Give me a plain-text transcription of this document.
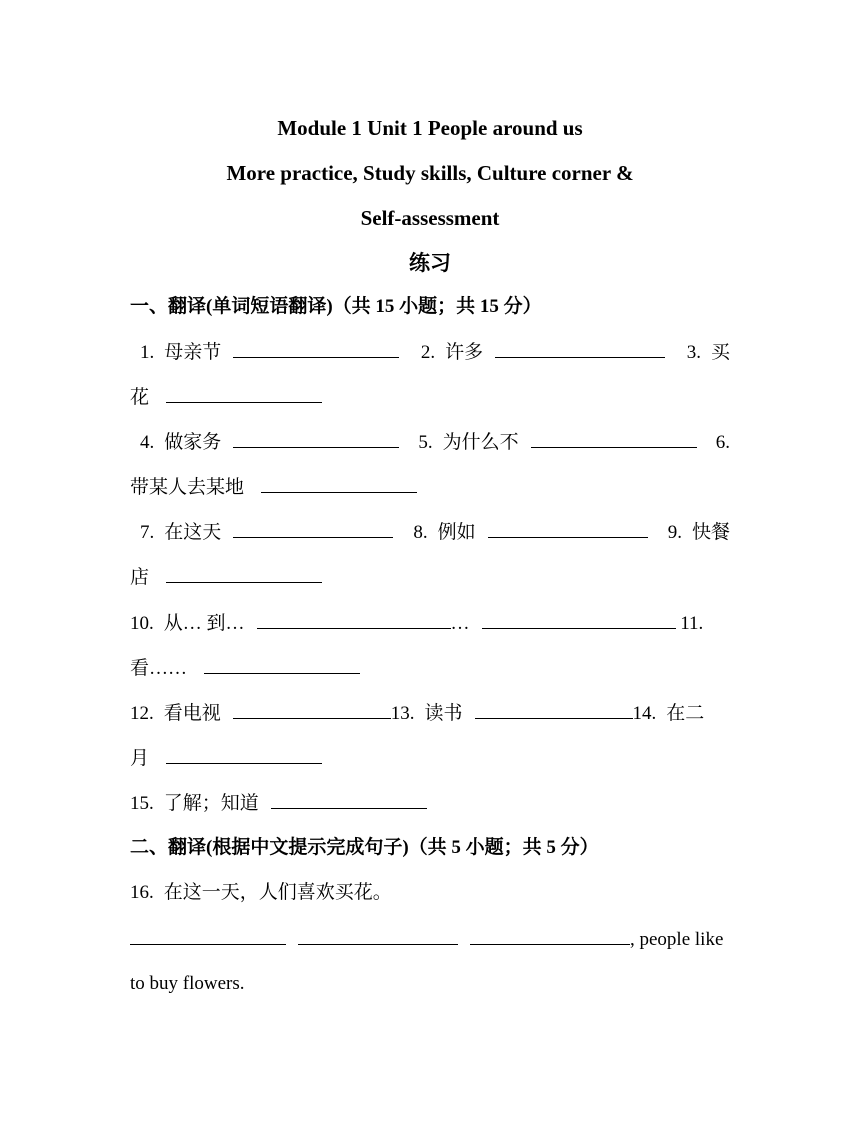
Module 1 Unit 1 People around us
More practice, Study skills, Culture corner &
Self-assessment
练习
一、翻译(单词短语翻译)（共 15 小题；共 15 分）
1. 母亲节	2. 许多	3. 买
花
4. 做家务	5. 为什么不	6.
带某人去某地
7. 在这天	8. 例如	9. 快餐
店
10. 从… 到…	…	11.
看……
12. 看电视	13. 读书	14. 在二
月
15. 了解；知道
二、翻译(根据中文提示完成句子)（共 5 小题；共 5 分）
16. 在这一天，人们喜欢买花。
, people like
to buy flowers.
